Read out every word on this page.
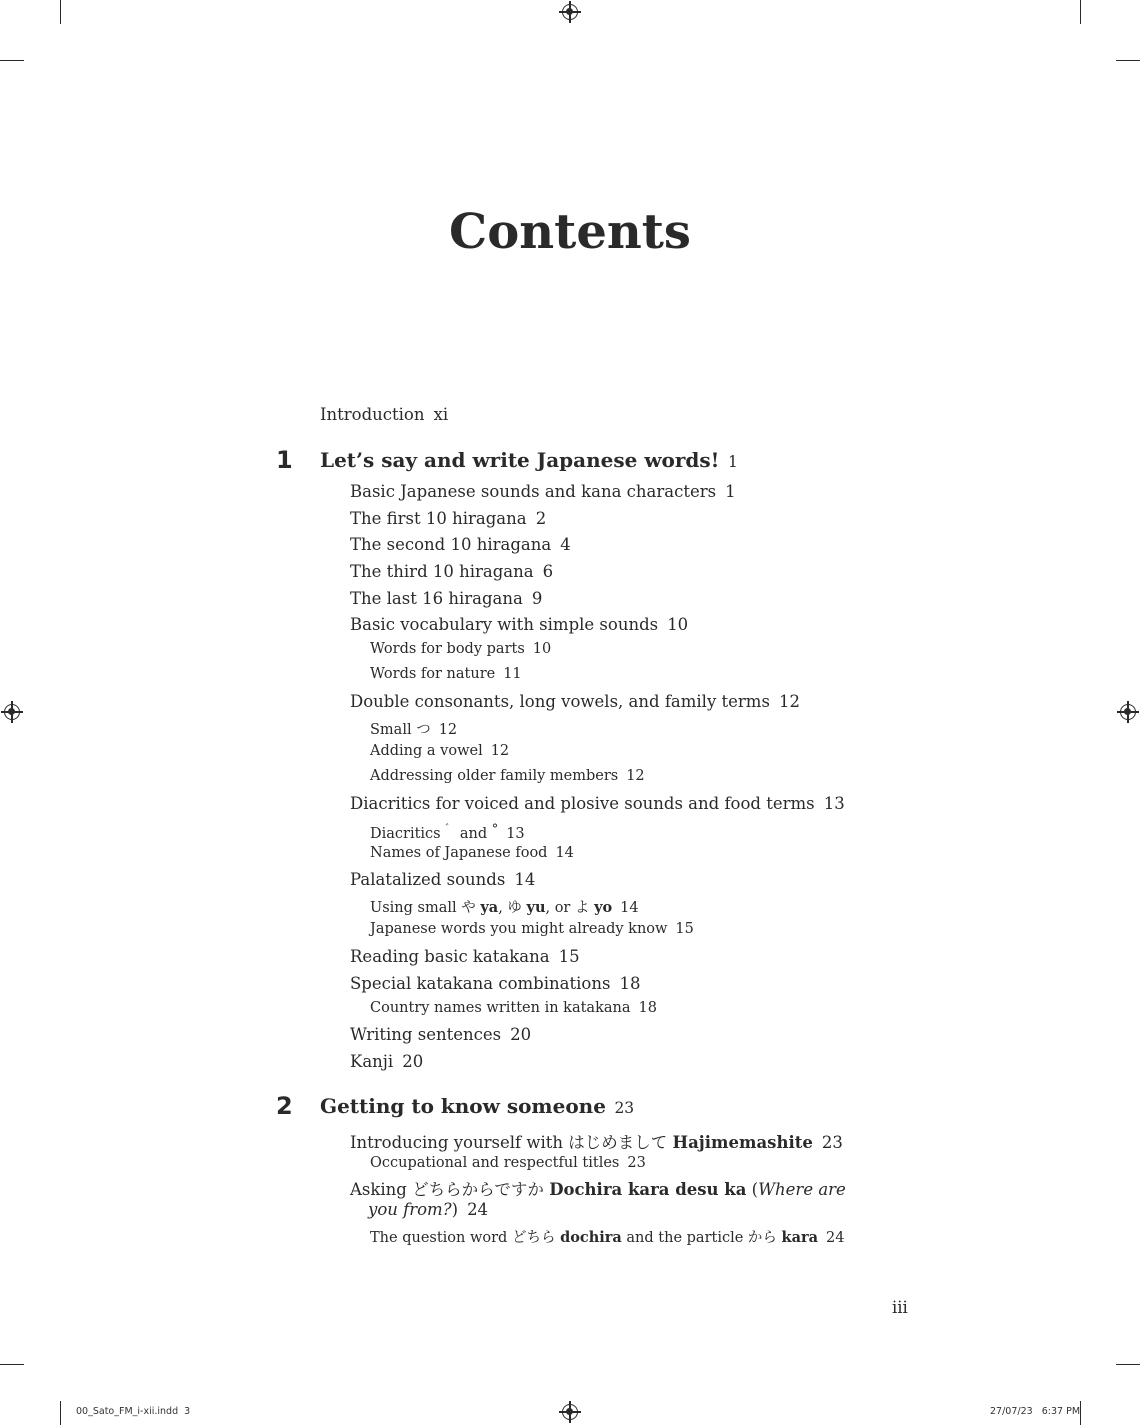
Contents
Introduction xi
1 Let’s say and write Japanese words! 1
Basic Japanese sounds and kana characters 1
The first 10 hiragana 2
The second 10 hiragana 4
The third 10 hiragana 6
The last 16 hiragana 9
Basic vocabulary with simple sounds 10
Words for body parts 10
Words for nature 11
Double consonants, long vowels, and family terms 12
Small つ 12
Adding a vowel 12
Addressing older family members 12
Diacritics for voiced and plosive sounds and food terms 13
Diacritics ゛ and ° 13
Names of Japanese food 14
Palatalized sounds 14
Using small や ya, ゆ yu, or よ yo 14
Japanese words you might already know 15
Reading basic katakana 15
Special katakana combinations 18
Country names written in katakana 18
Writing sentences 20
Kanji 20
2 Getting to know someone 23
Introducing yourself with はじめまして Hajimemashite 23
Occupational and respectful titles 23
Asking どちらからですか Dochira kara desu ka (Where are
you from?) 24
The question word どちら dochira and the particle から kara 24
iii
00_Sato_FM_i-xii.indd 3	27/07/23 6:37 PM
